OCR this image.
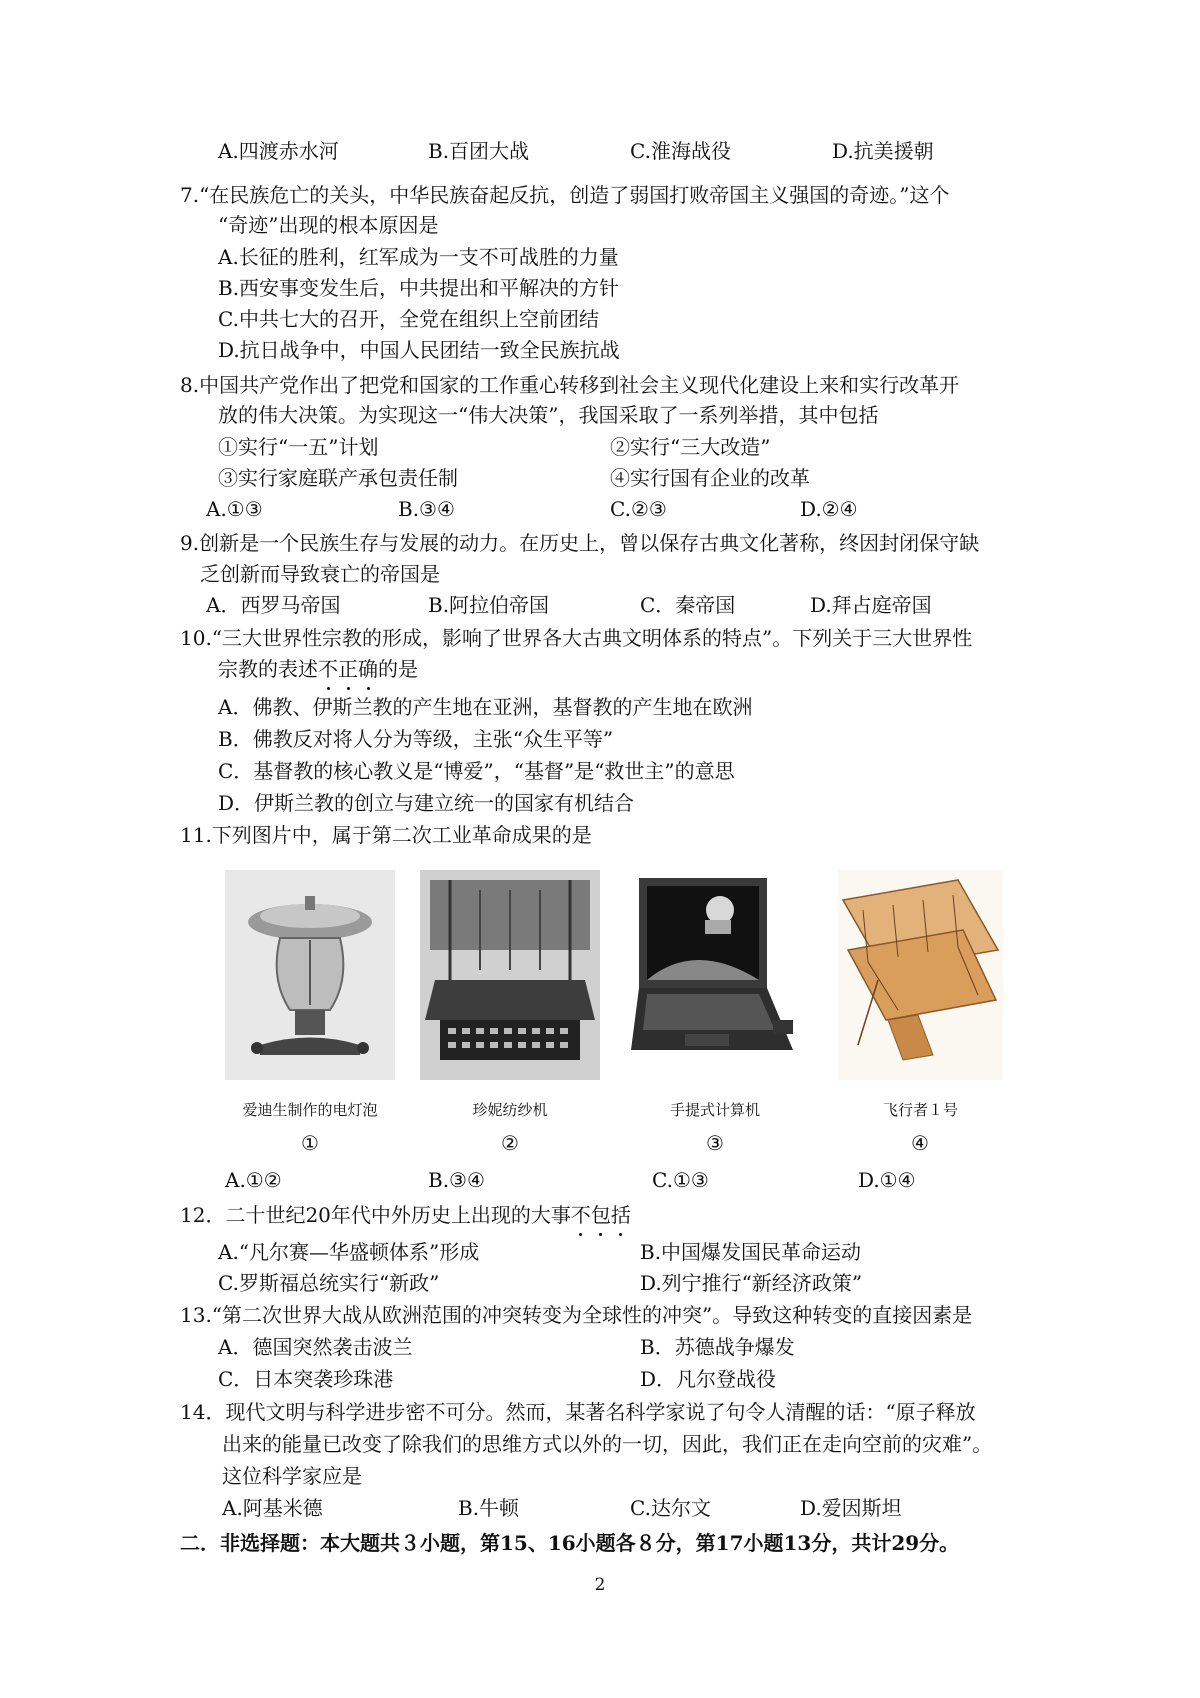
A.四渡赤水河	B.百团大战	C.淮海战役	D.抗美援朝
7.“在民族危亡的关头，中华民族奋起反抗，创造了弱国打败帝国主义强国的奇迹。”这个
“奇迹”出现的根本原因是
A.长征的胜利，红军成为一支不可战胜的力量
B.西安事变发生后，中共提出和平解决的方针
C.中共七大的召开，全党在组织上空前团结
D.抗日战争中，中国人民团结一致全民族抗战
8.中国共产党作出了把党和国家的工作重心转移到社会主义现代化建设上来和实行改革开
放的伟大决策。为实现这一“伟大决策”，我国采取了一系列举措，其中包括
①实行“一五”计划	②实行“三大改造”
③实行家庭联产承包责任制	④实行国有企业的改革
A.①③	B.③④	C.②③	D.②④
9.创新是一个民族生存与发展的动力。在历史上，曾以保存古典文化著称，终因封闭保守缺
乏创新而导致衰亡的帝国是
A．西罗马帝国	B.阿拉伯帝国	C．秦帝国	D.拜占庭帝国
10.“三大世界性宗教的形成，影响了世界各大古典文明体系的特点”。下列关于三大世界性
宗教的表述不正确的是
A．佛教、伊斯兰教的产生地在亚洲，基督教的产生地在欧洲
B．佛教反对将人分为等级，主张“众生平等”
C．基督教的核心教义是“博爱”，“基督”是“救世主”的意思
D．伊斯兰教的创立与建立统一的国家有机结合
11.下列图片中，属于第二次工业革命成果的是
爱迪生制作的电灯泡	珍妮纺纱机	手提式计算机	飞行者１号
①	②	③	④
A.①②	B.③④	C.①③	D.①④
12．二十世纪20年代中外历史上出现的大事不包括
A.“凡尔赛—华盛顿体系”形成	B.中国爆发国民革命运动
C.罗斯福总统实行“新政”	D.列宁推行“新经济政策”
13.“第二次世界大战从欧洲范围的冲突转变为全球性的冲突”。导致这种转变的直接因素是
A．德国突然袭击波兰	B．苏德战争爆发
C．日本突袭珍珠港	D．凡尔登战役
14．现代文明与科学进步密不可分。然而，某著名科学家说了句令人清醒的话：“原子释放
出来的能量已改变了除我们的思维方式以外的一切，因此，我们正在走向空前的灾难”。
这位科学家应是
A.阿基米德	B.牛顿	C.达尔文	D.爱因斯坦
二．非选择题：本大题共３小题，第15、16小题各８分，第17小题13分，共计29分。
2
